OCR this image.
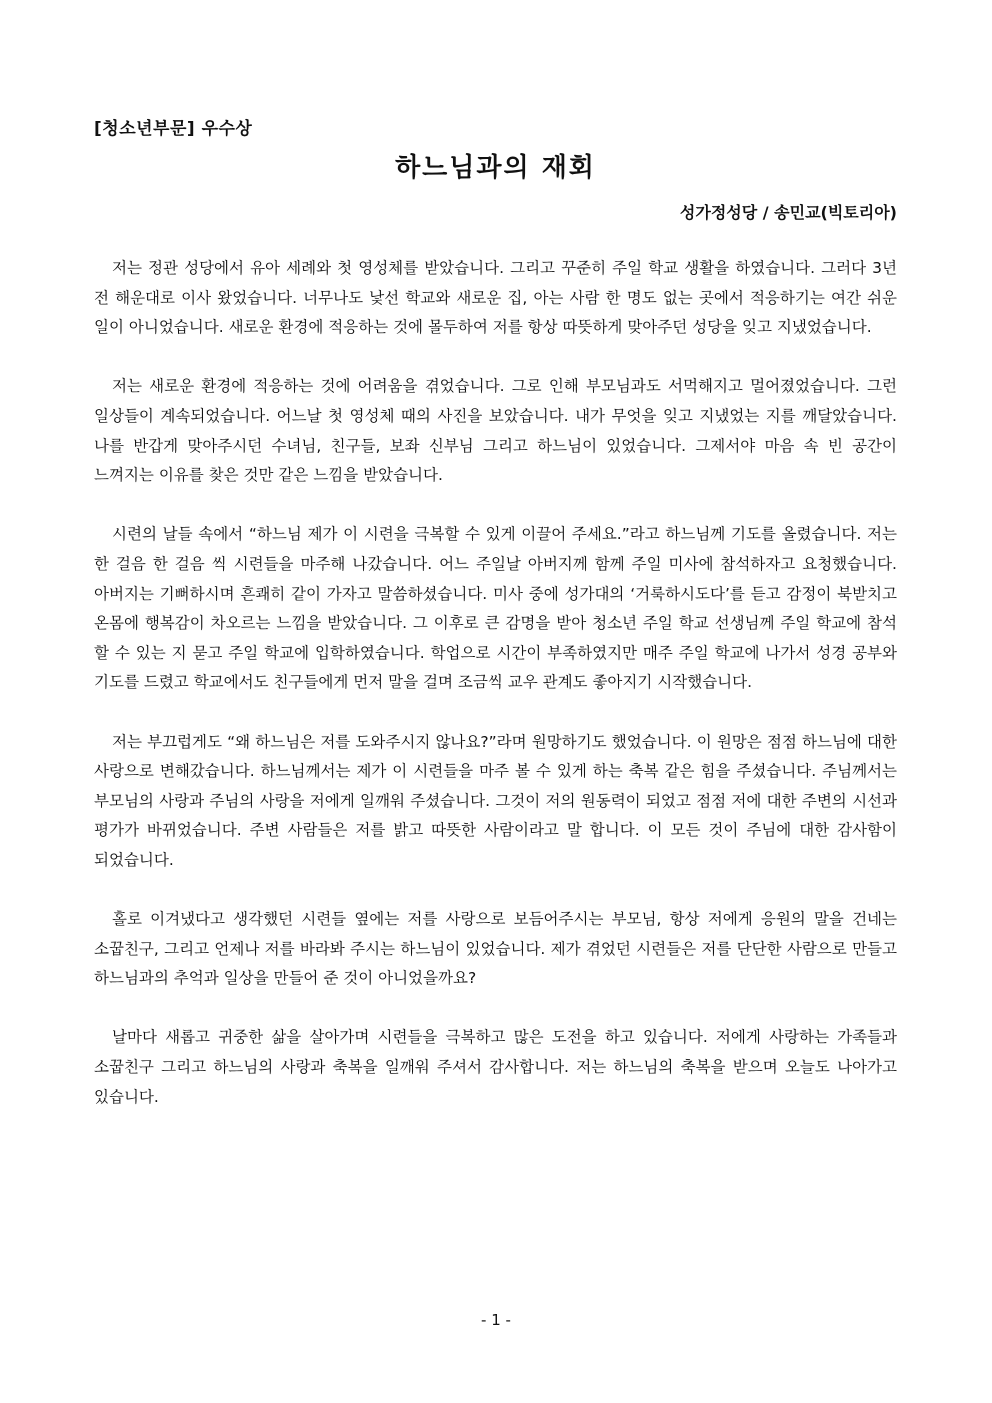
[청소년부문] 우수상

하느님과의 재회

성가정성당 / 송민교(빅토리아)

저는 정관 성당에서 유아 세례와 첫 영성체를 받았습니다. 그리고 꾸준히 주일 학교 생활을 하였습니다. 그러다 3년 전 해운대로 이사 왔었습니다. 너무나도 낯선 학교와 새로운 집, 아는 사람 한 명도 없는 곳에서 적응하기는 여간 쉬운 일이 아니었습니다. 새로운 환경에 적응하는 것에 몰두하여 저를 항상 따뜻하게 맞아주던 성당을 잊고 지냈었습니다.

저는 새로운 환경에 적응하는 것에 어려움을 겪었습니다. 그로 인해 부모님과도 서먹해지고 멀어졌었습니다. 그런 일상들이 계속되었습니다. 어느날 첫 영성체 때의 사진을 보았습니다. 내가 무엇을 잊고 지냈었는 지를 깨달았습니다. 나를 반갑게 맞아주시던 수녀님, 친구들, 보좌 신부님 그리고 하느님이 있었습니다. 그제서야 마음 속 빈 공간이 느껴지는 이유를 찾은 것만 같은 느낌을 받았습니다.

시련의 날들 속에서 “하느님 제가 이 시련을 극복할 수 있게 이끌어 주세요.”라고 하느님께 기도를 올렸습니다. 저는 한 걸음 한 걸음 씩 시련들을 마주해 나갔습니다. 어느 주일날 아버지께 함께 주일 미사에 참석하자고 요청했습니다. 아버지는 기뻐하시며 흔쾌히 같이 가자고 말씀하셨습니다. 미사 중에 성가대의 ‘거룩하시도다’를 듣고 감정이 북받치고 온몸에 행복감이 차오르는 느낌을 받았습니다. 그 이후로 큰 감명을 받아 청소년 주일 학교 선생님께 주일 학교에 참석 할 수 있는 지 묻고 주일 학교에 입학하였습니다. 학업으로 시간이 부족하였지만 매주 주일 학교에 나가서 성경 공부와 기도를 드렸고 학교에서도 친구들에게 먼저 말을 걸며 조금씩 교우 관계도 좋아지기 시작했습니다.

저는 부끄럽게도 “왜 하느님은 저를 도와주시지 않나요?”라며 원망하기도 했었습니다. 이 원망은 점점 하느님에 대한 사랑으로 변해갔습니다. 하느님께서는 제가 이 시련들을 마주 볼 수 있게 하는 축복 같은 힘을 주셨습니다. 주님께서는 부모님의 사랑과 주님의 사랑을 저에게 일깨워 주셨습니다. 그것이 저의 원동력이 되었고 점점 저에 대한 주변의 시선과 평가가 바뀌었습니다. 주변 사람들은 저를 밝고 따뜻한 사람이라고 말 합니다. 이 모든 것이 주님에 대한 감사함이 되었습니다.

홀로 이겨냈다고 생각했던 시련들 옆에는 저를 사랑으로 보듬어주시는 부모님, 항상 저에게 응원의 말을 건네는 소꿉친구, 그리고 언제나 저를 바라봐 주시는 하느님이 있었습니다. 제가 겪었던 시련들은 저를 단단한 사람으로 만들고 하느님과의 추억과 일상을 만들어 준 것이 아니었을까요?

날마다 새롭고 귀중한 삶을 살아가며 시련들을 극복하고 많은 도전을 하고 있습니다. 저에게 사랑하는 가족들과 소꿉친구 그리고 하느님의 사랑과 축복을 일깨워 주셔서 감사합니다. 저는 하느님의 축복을 받으며 오늘도 나아가고 있습니다.

- 1 -
